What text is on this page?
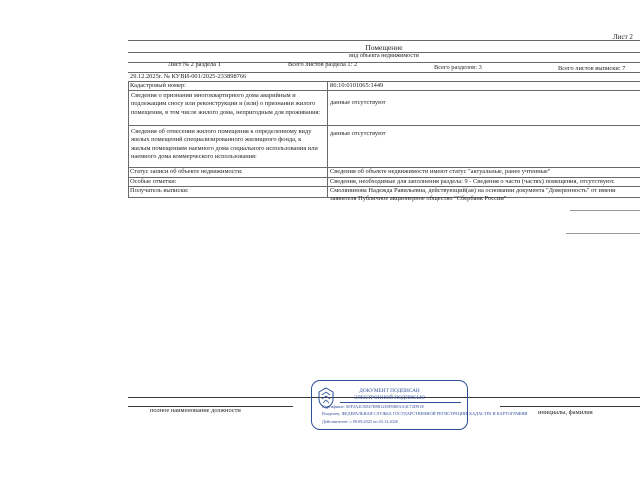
Лист 2
Помещение
вид объекта недвижимости
Лист № 2 раздела 1	Всего листов раздела 1: 2	Всего разделов: 3	Всего листов выписки: 7
29.12.2025г. № КУВИ-001/2025-233898766
Кадастровый номер:	86:10:0101065:1449
Сведения о признании многоквартирного дома аварийным и подлежащим сносу или реконструкции и (или) о признании жилого помещения, в том числе жилого дома, непригодным для проживания:
данные отсутствуют
Сведения об отнесении жилого помещения к определенному виду жилых помещений специализированного жилищного фонда, к жилым помещениям наемного дома социального использования или наемного дома коммерческого использования:
данные отсутствуют
Статус записи об объекте недвижимости:	Сведения об объекте недвижимости имеют статус "актуальные, ранее учтенные"
Особые отметки:	Сведения, необходимые для заполнения раздела: 9 - Сведения о части (частях) помещения, отсутствуют.
Получатель выписки:	Смолянинова Надежда Равильевна, действующий(ая) на основании документа "Доверенность" от имени заявителя Публичное акционерное общество "Сбербанк России"
полное наименование должности	инициалы, фамилия
ДОКУМЕНТ ПОДПИСАН
ЭЛЕКТРОННОЙ ПОДПИСЬЮ
Сертификат: 00F3A2C9D47E8B1265F0B8AA4C72D91E
Владелец: ФЕДЕРАЛЬНАЯ СЛУЖБА ГОСУДАРСТВЕННОЙ РЕГИСТРАЦИИ, КАДАСТРА И КАРТОГРАФИИ
Действителен: с 09.09.2025 по 03.12.2026
